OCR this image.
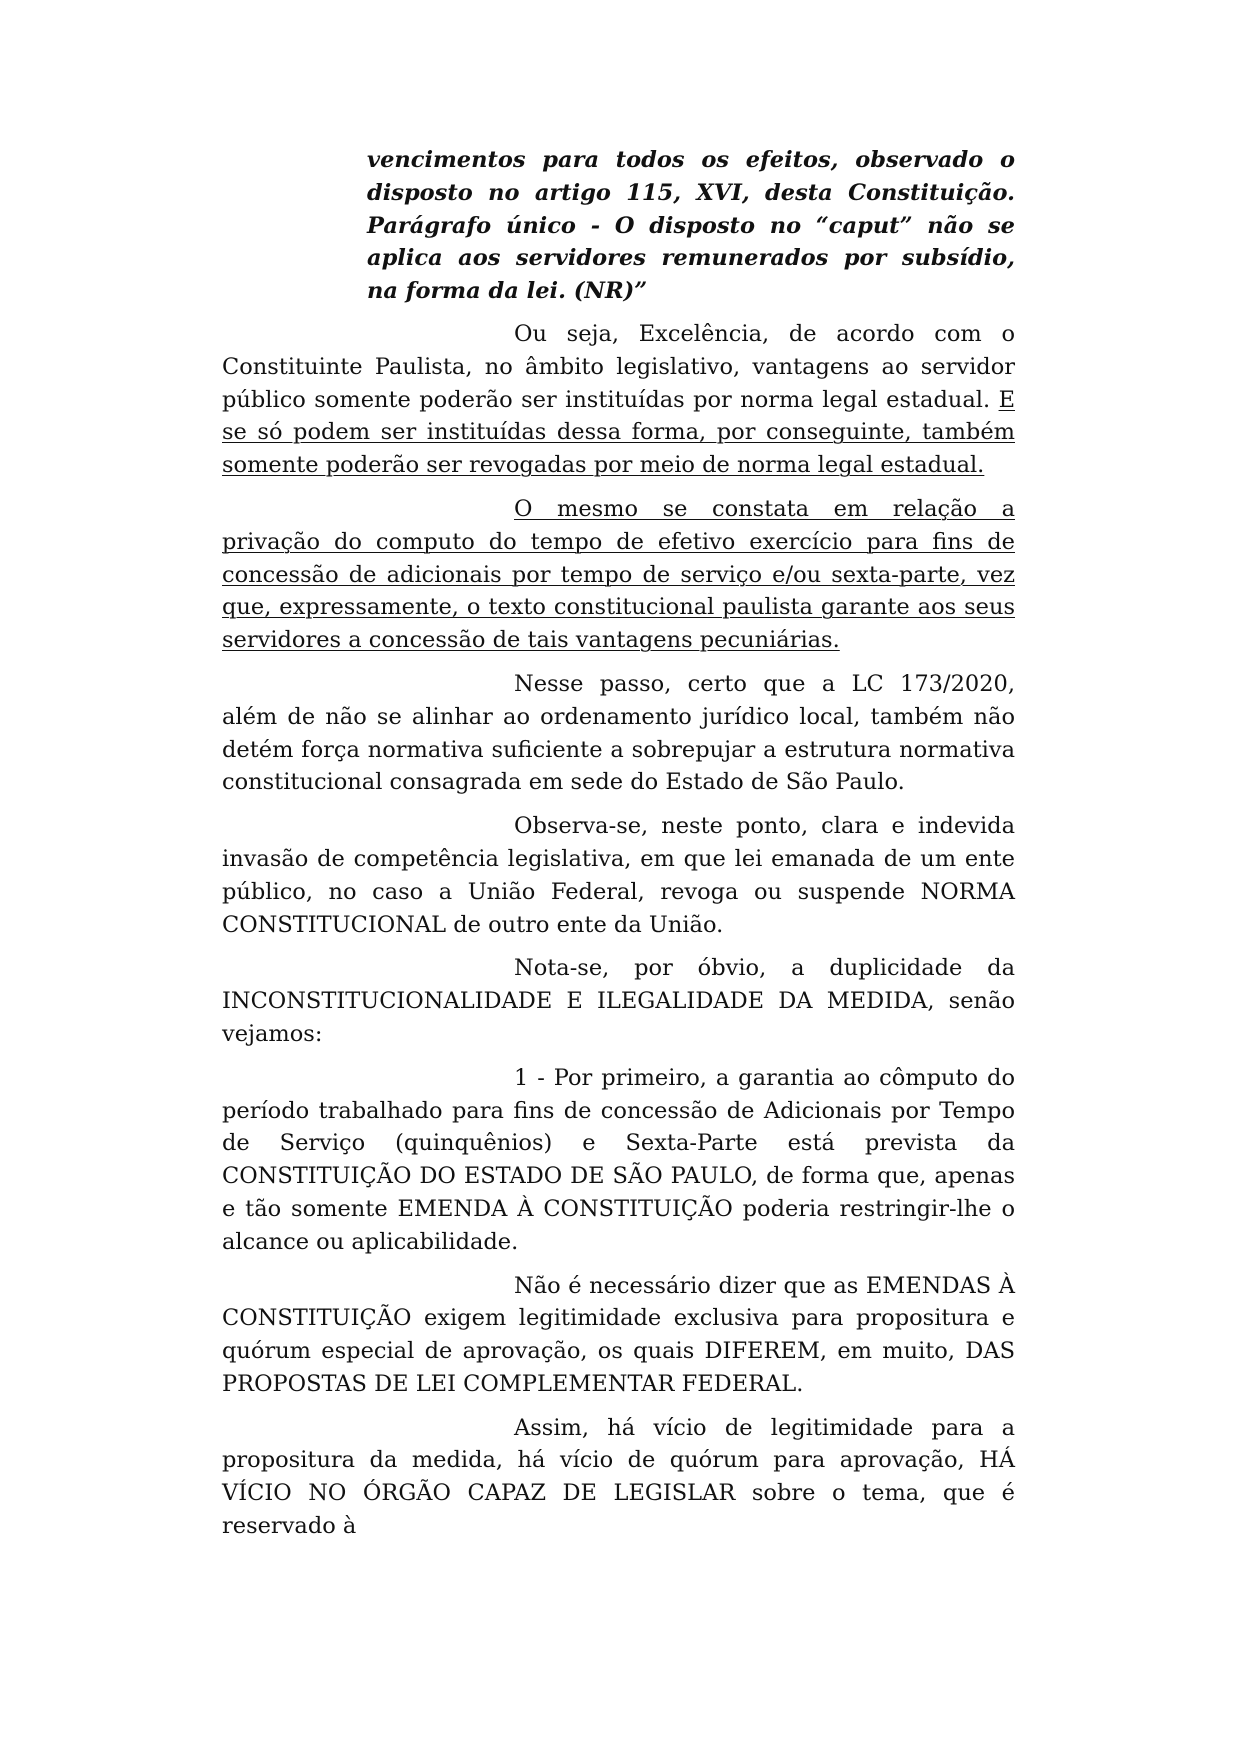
vencimentos para todos os efeitos, observado o disposto no artigo 115, XVI, desta Constituição. Parágrafo único - O disposto no “caput” não se aplica aos servidores remunerados por subsídio, na forma da lei. (NR)”

Ou seja, Excelência, de acordo com o Constituinte Paulista, no âmbito legislativo, vantagens ao servidor público somente poderão ser instituídas por norma legal estadual. E se só podem ser instituídas dessa forma, por conseguinte, também somente poderão ser revogadas por meio de norma legal estadual.

O mesmo se constata em relação a privação do computo do tempo de efetivo exercício para fins de concessão de adicionais por tempo de serviço e/ou sexta-parte, vez que, expressamente, o texto constitucional paulista garante aos seus servidores a concessão de tais vantagens pecuniárias.

Nesse passo, certo que a LC 173/2020, além de não se alinhar ao ordenamento jurídico local, também não detém força normativa suficiente a sobrepujar a estrutura normativa constitucional consagrada em sede do Estado de São Paulo.

Observa-se, neste ponto, clara e indevida invasão de competência legislativa, em que lei emanada de um ente público, no caso a União Federal, revoga ou suspende NORMA CONSTITUCIONAL de outro ente da União.

Nota-se, por óbvio, a duplicidade da INCONSTITUCIONALIDADE E ILEGALIDADE DA MEDIDA, senão vejamos:

1 - Por primeiro, a garantia ao cômputo do período trabalhado para fins de concessão de Adicionais por Tempo de Serviço (quinquênios) e Sexta-Parte está prevista da CONSTITUIÇÃO DO ESTADO DE SÃO PAULO, de forma que, apenas e tão somente EMENDA À CONSTITUIÇÃO poderia restringir-lhe o alcance ou aplicabilidade.

Não é necessário dizer que as EMENDAS À CONSTITUIÇÃO exigem legitimidade exclusiva para propositura e quórum especial de aprovação, os quais DIFEREM, em muito, DAS PROPOSTAS DE LEI COMPLEMENTAR FEDERAL.

Assim, há vício de legitimidade para a propositura da medida, há vício de quórum para aprovação, HÁ VÍCIO NO ÓRGÃO CAPAZ DE LEGISLAR sobre o tema, que é reservado à
